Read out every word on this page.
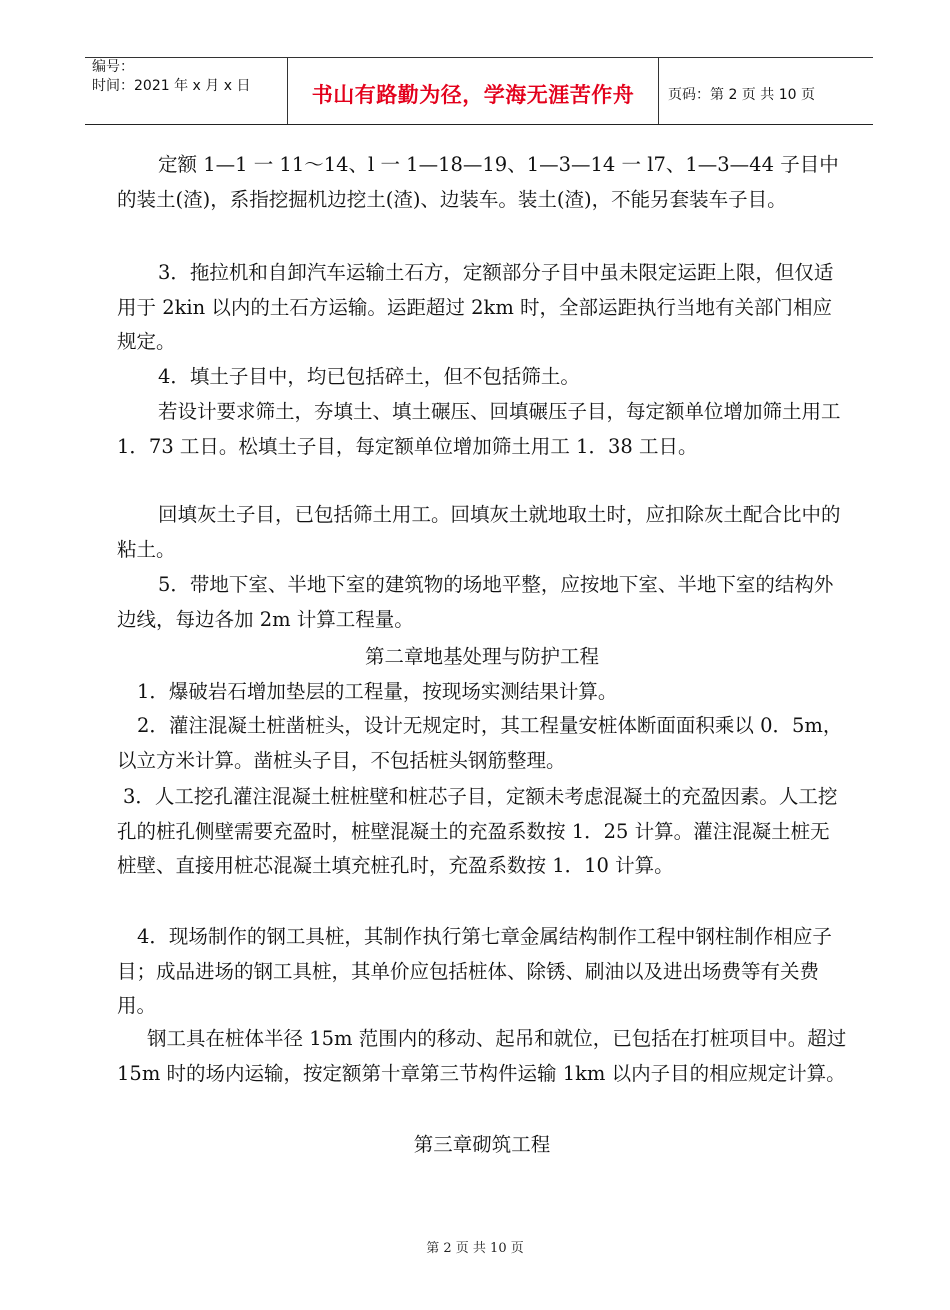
编号：
时间：2021 年 x 月 x 日	书山有路勤为径，学海无涯苦作舟	页码：第 2 页 共 10 页

定额 1—1 一 11～14、l 一 1—18—19、1—3—14 一 l7、1—3—44 子目中的装土(渣)，系指挖掘机边挖土(渣)、边装车。装土(渣)，不能另套装车子目。

3．拖拉机和自卸汽车运输土石方，定额部分子目中虽未限定运距上限，但仅适用于 2kin 以内的土石方运输。运距超过 2km 时，全部运距执行当地有关部门相应规定。

4．填土子目中，均已包括碎土，但不包括筛土。

若设计要求筛土，夯填土、填土碾压、回填碾压子目，每定额单位增加筛土用工 1．73 工日。松填土子目，每定额单位增加筛土用工 1．38 工日。

回填灰土子目，已包括筛土用工。回填灰土就地取土时，应扣除灰土配合比中的粘土。

5．带地下室、半地下室的建筑物的场地平整，应按地下室、半地下室的结构外边线，每边各加 2m 计算工程量。

第二章地基处理与防护工程

1．爆破岩石增加垫层的工程量，按现场实测结果计算。

2．灌注混凝土桩凿桩头，设计无规定时，其工程量安桩体断面面积乘以 0．5m，以立方米计算。凿桩头子目，不包括桩头钢筋整理。

3．人工挖孔灌注混凝土桩桩壁和桩芯子目，定额未考虑混凝土的充盈因素。人工挖孔的桩孔侧壁需要充盈时，桩壁混凝土的充盈系数按 1．25 计算。灌注混凝土桩无桩壁、直接用桩芯混凝土填充桩孔时，充盈系数按 1．10 计算。

4．现场制作的钢工具桩，其制作执行第七章金属结构制作工程中钢柱制作相应子目；成品进场的钢工具桩，其单价应包括桩体、除锈、刷油以及进出场费等有关费用。

钢工具在桩体半径 15m 范围内的移动、起吊和就位，已包括在打桩项目中。超过 15m 时的场内运输，按定额第十章第三节构件运输 1km 以内子目的相应规定计算。

第三章砌筑工程

第 2 页 共 10 页
